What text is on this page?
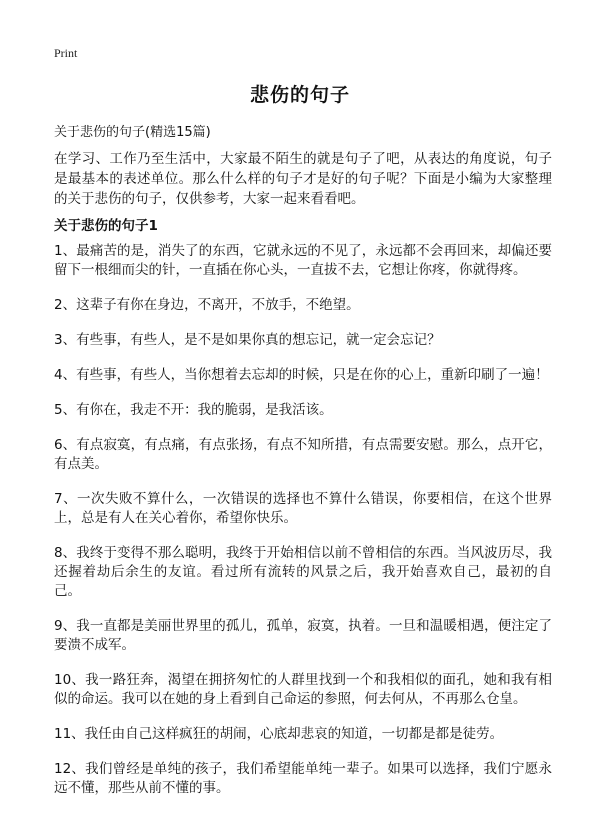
Print
悲伤的句子
关于悲伤的句子(精选15篇)
在学习、工作乃至生活中，大家最不陌生的就是句子了吧，从表达的角度说，句子是最基本的表述单位。那么什么样的句子才是好的句子呢？下面是小编为大家整理的关于悲伤的句子，仅供参考，大家一起来看看吧。
关于悲伤的句子1
1、最痛苦的是，消失了的东西，它就永远的不见了，永远都不会再回来，却偏还要留下一根细而尖的针，一直插在你心头，一直拔不去，它想让你疼，你就得疼。
2、这辈子有你在身边，不离开，不放手，不绝望。
3、有些事，有些人，是不是如果你真的想忘记，就一定会忘记？
4、有些事，有些人，当你想着去忘却的时候，只是在你的心上，重新印刷了一遍！
5、有你在，我走不开：我的脆弱，是我活该。
6、有点寂寞，有点痛，有点张扬，有点不知所措，有点需要安慰。那么，点开它，有点美。
7、一次失败不算什么，一次错误的选择也不算什么错误，你要相信，在这个世界上，总是有人在关心着你，希望你快乐。
8、我终于变得不那么聪明，我终于开始相信以前不曾相信的东西。当风波历尽，我还握着劫后余生的友谊。看过所有流转的风景之后，我开始喜欢自己，最初的自己。
9、我一直都是美丽世界里的孤儿，孤单，寂寞，执着。一旦和温暖相遇，便注定了要溃不成军。
10、我一路狂奔，渴望在拥挤匆忙的人群里找到一个和我相似的面孔，她和我有相似的命运。我可以在她的身上看到自己命运的参照，何去何从，不再那么仓皇。
11、我任由自己这样疯狂的胡闹，心底却悲哀的知道，一切都是都是徒劳。
12、我们曾经是单纯的孩子，我们希望能单纯一辈子。如果可以选择，我们宁愿永远不懂，那些从前不懂的事。
